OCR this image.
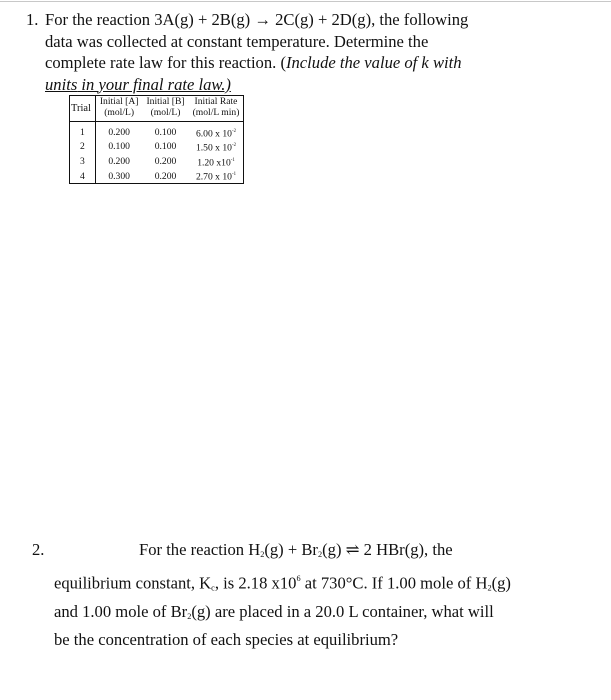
1. For the reaction 3A(g) + 2B(g) → 2C(g) + 2D(g), the following
data was collected at constant temperature. Determine the
complete rate law for this reaction. (Include the value of k with
units in your final rate law.)
Trial	Initial [A]	Initial [B]	Initial Rate
	(mol/L)	(mol/L)	(mol/L min)
1	0.200	0.100	6.00 x $10^{-2}$
2	0.100	0.100	1.50 x $10^{-2}$
3	0.200	0.200	1.20 $x10^{-1}$
4	0.300	0.200	2.70 x $10^{-1}$
2.	For the reaction $H_2(g) + Br_2(g)$ ⇌ 2 HBr(g), the
equilibrium constant, $K_c$, is 2.18 $x10^6$ at 730°C. If 1.00 mole of $H_2(g)$
and 1.00 mole of $Br_2(g)$ are placed in a 20.0 L container, what will
be the concentration of each species at equilibrium?
